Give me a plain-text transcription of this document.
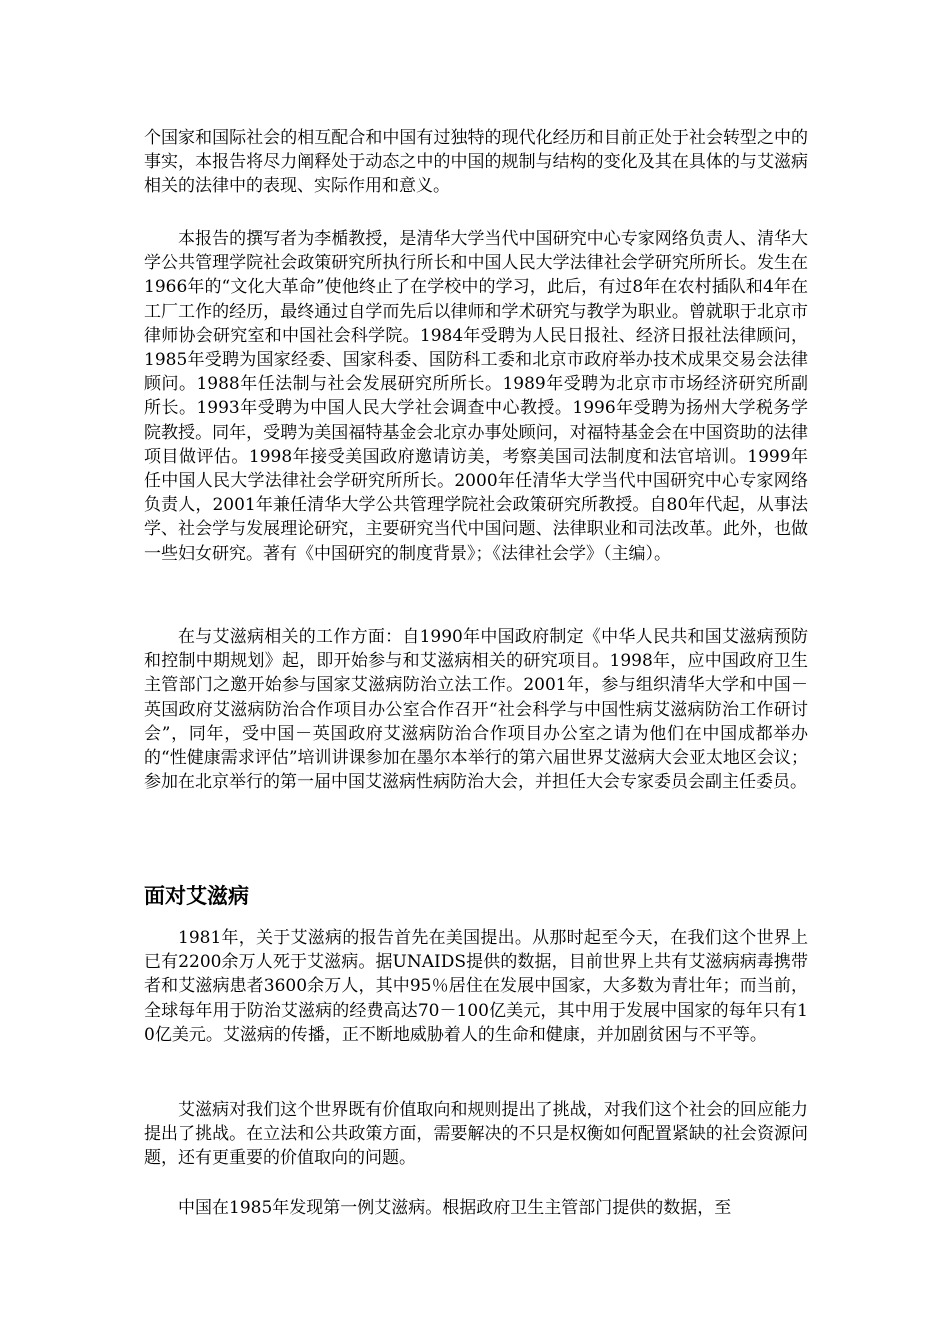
个国家和国际社会的相互配合和中国有过独特的现代化经历和目前正处于社会转型之中的事实，本报告将尽力阐释处于动态之中的中国的规制与结构的变化及其在具体的与艾滋病相关的法律中的表现、实际作用和意义。

本报告的撰写者为李楯教授，是清华大学当代中国研究中心专家网络负责人、清华大学公共管理学院社会政策研究所执行所长和中国人民大学法律社会学研究所所长。发生在1966年的“文化大革命”使他终止了在学校中的学习，此后，有过8年在农村插队和4年在工厂工作的经历，最终通过自学而先后以律师和学术研究与教学为职业。曾就职于北京市律师协会研究室和中国社会科学院。1984年受聘为人民日报社、经济日报社法律顾问，1985年受聘为国家经委、国家科委、国防科工委和北京市政府举办技术成果交易会法律顾问。1988年任法制与社会发展研究所所长。1989年受聘为北京市市场经济研究所副所长。1993年受聘为中国人民大学社会调查中心教授。1996年受聘为扬州大学税务学院教授。同年，受聘为美国福特基金会北京办事处顾问，对福特基金会在中国资助的法律项目做评估。1998年接受美国政府邀请访美，考察美国司法制度和法官培训。1999年任中国人民大学法律社会学研究所所长。2000年任清华大学当代中国研究中心专家网络负责人，2001年兼任清华大学公共管理学院社会政策研究所教授。自80年代起，从事法学、社会学与发展理论研究，主要研究当代中国问题、法律职业和司法改革。此外，也做一些妇女研究。著有《中国研究的制度背景》；《法律社会学》（主编）。

在与艾滋病相关的工作方面：自1990年中国政府制定《中华人民共和国艾滋病预防和控制中期规划》起，即开始参与和艾滋病相关的研究项目。1998年，应中国政府卫生主管部门之邀开始参与国家艾滋病防治立法工作。2001年，参与组织清华大学和中国－英国政府艾滋病防治合作项目办公室合作召开“社会科学与中国性病艾滋病防治工作研讨会”，同年，受中国－英国政府艾滋病防治合作项目办公室之请为他们在中国成都举办的“性健康需求评估”培训讲课参加在墨尔本举行的第六届世界艾滋病大会亚太地区会议；参加在北京举行的第一届中国艾滋病性病防治大会，并担任大会专家委员会副主任委员。

面对艾滋病

1981年，关于艾滋病的报告首先在美国提出。从那时起至今天，在我们这个世界上已有2200余万人死于艾滋病。据UNAIDS提供的数据，目前世界上共有艾滋病病毒携带者和艾滋病患者3600余万人，其中95％居住在发展中国家，大多数为青壮年；而当前，全球每年用于防治艾滋病的经费高达70－100亿美元，其中用于发展中国家的每年只有10亿美元。艾滋病的传播，正不断地威胁着人的生命和健康，并加剧贫困与不平等。

艾滋病对我们这个世界既有价值取向和规则提出了挑战，对我们这个社会的回应能力提出了挑战。在立法和公共政策方面，需要解决的不只是权衡如何配置紧缺的社会资源问题，还有更重要的价值取向的问题。

中国在1985年发现第一例艾滋病。根据政府卫生主管部门提供的数据，至
